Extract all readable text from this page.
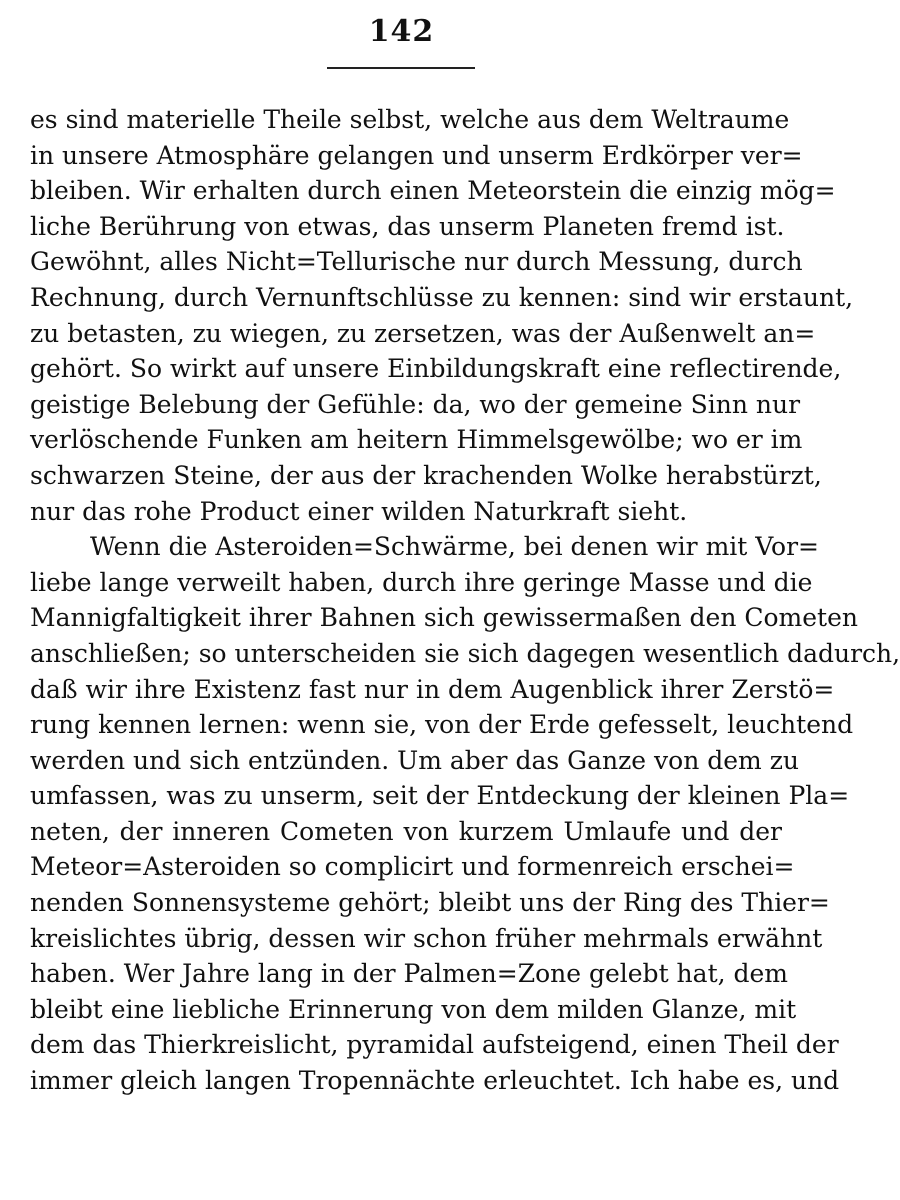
142
es sind materielle Theile selbst, welche aus dem Weltraume
in unsere Atmosphäre gelangen und unserm Erdkörper ver=
bleiben. Wir erhalten durch einen Meteorstein die einzig mög=
liche Berührung von etwas, das unserm Planeten fremd ist.
Gewöhnt, alles Nicht=Tellurische nur durch Messung, durch
Rechnung, durch Vernunftschlüsse zu kennen: sind wir erstaunt,
zu betasten, zu wiegen, zu zersetzen, was der Außenwelt an=
gehört. So wirkt auf unsere Einbildungskraft eine reflectirende,
geistige Belebung der Gefühle: da, wo der gemeine Sinn nur
verlöschende Funken am heitern Himmelsgewölbe; wo er im
schwarzen Steine, der aus der krachenden Wolke herabstürzt,
nur das rohe Product einer wilden Naturkraft sieht.
Wenn die Asteroiden=Schwärme, bei denen wir mit Vor=
liebe lange verweilt haben, durch ihre geringe Masse und die
Mannigfaltigkeit ihrer Bahnen sich gewissermaßen den Cometen
anschließen; so unterscheiden sie sich dagegen wesentlich dadurch,
daß wir ihre Existenz fast nur in dem Augenblick ihrer Zerstö=
rung kennen lernen: wenn sie, von der Erde gefesselt, leuchtend
werden und sich entzünden. Um aber das Ganze von dem zu
umfassen, was zu unserm, seit der Entdeckung der kleinen Pla=
neten, der inneren Cometen von kurzem Umlaufe und der
Meteor=Asteroiden so complicirt und formenreich erschei=
nenden Sonnensysteme gehört; bleibt uns der Ring des Thier=
kreislichtes übrig, dessen wir schon früher mehrmals erwähnt
haben. Wer Jahre lang in der Palmen=Zone gelebt hat, dem
bleibt eine liebliche Erinnerung von dem milden Glanze, mit
dem das Thierkreislicht, pyramidal aufsteigend, einen Theil der
immer gleich langen Tropennächte erleuchtet. Ich habe es, und
